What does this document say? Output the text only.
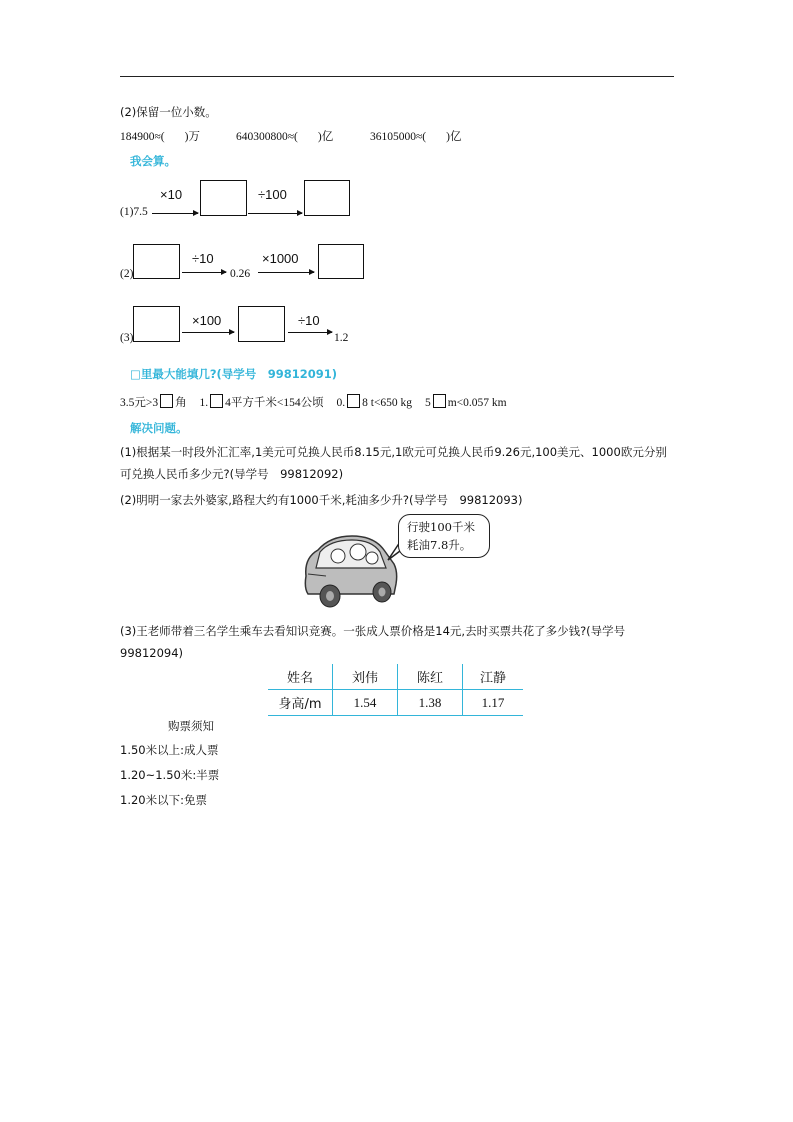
(2)保留一位小数。
184900≈( )万	640300800≈( )亿	36105000≈( )亿
我会算。
(1)7.5
×10	÷100
(2)
÷10
0.26
×1000
(3)
×100	÷10
1.2
□里最大能填几?(导学号　99812091)
3.5元>3 角 1. 4平方千米<154公顷 0. 8 t<650 kg 5 m<0.057 km
解决问题。
(1)根据某一时段外汇汇率,1美元可兑换人民币8.15元,1欧元可兑换人民币9.26元,100美元、1000欧元分别可兑换人民币多少元?(导学号　99812092)
(2)明明一家去外婆家,路程大约有1000千米,耗油多少升?(导学号　99812093)
行驶100千米
耗油7.8升。
(3)王老师带着三名学生乘车去看知识竞赛。一张成人票价格是14元,去时买票共花了多少钱?(导学号　99812094)
姓名	刘伟	陈红	江静
身高/m	1.54	1.38	1.17
购票须知
1.50米以上:成人票
1.20~1.50米:半票
1.20米以下:免票
